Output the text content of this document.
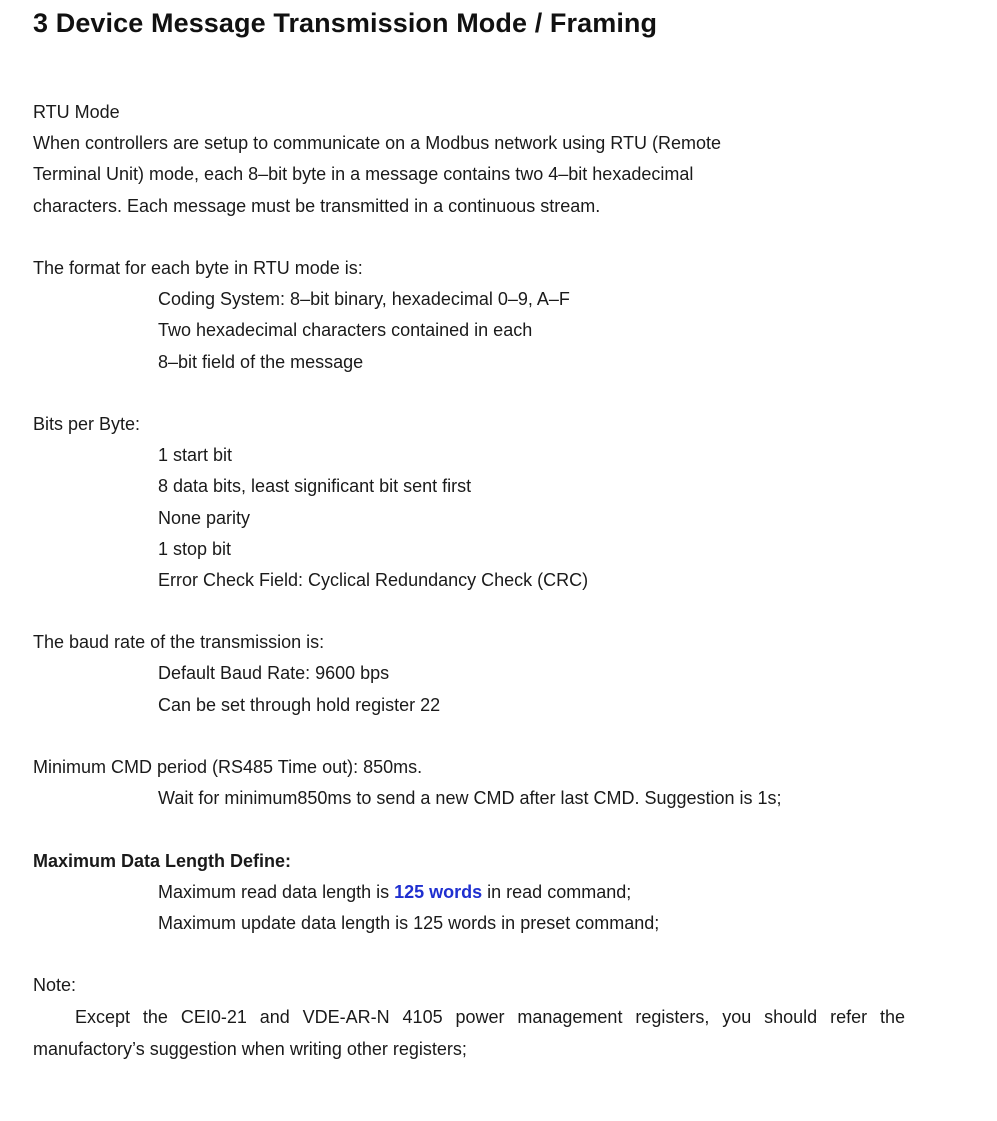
3 Device Message Transmission Mode / Framing
RTU Mode
When controllers are setup to communicate on a Modbus network using RTU (Remote
Terminal Unit) mode, each 8–bit byte in a message contains two 4–bit hexadecimal
characters. Each message must be transmitted in a continuous stream.
The format for each byte in RTU mode is:
Coding System: 8–bit binary, hexadecimal 0–9, A–F
Two hexadecimal characters contained in each
8–bit field of the message
Bits per Byte:
1 start bit
8 data bits, least significant bit sent first
None parity
1 stop bit
Error Check Field: Cyclical Redundancy Check (CRC)
The baud rate of the transmission is:
Default Baud Rate: 9600 bps
Can be set through hold register 22
Minimum CMD period (RS485 Time out): 850ms.
Wait for minimum850ms to send a new CMD after last CMD. Suggestion is 1s;
Maximum Data Length Define:
Maximum read data length is 125 words in read command;
Maximum update data length is 125 words in preset command;
Note:
Except the CEI0-21 and VDE-AR-N 4105 power management registers, you should refer the manufactory’s suggestion when writing other registers;
